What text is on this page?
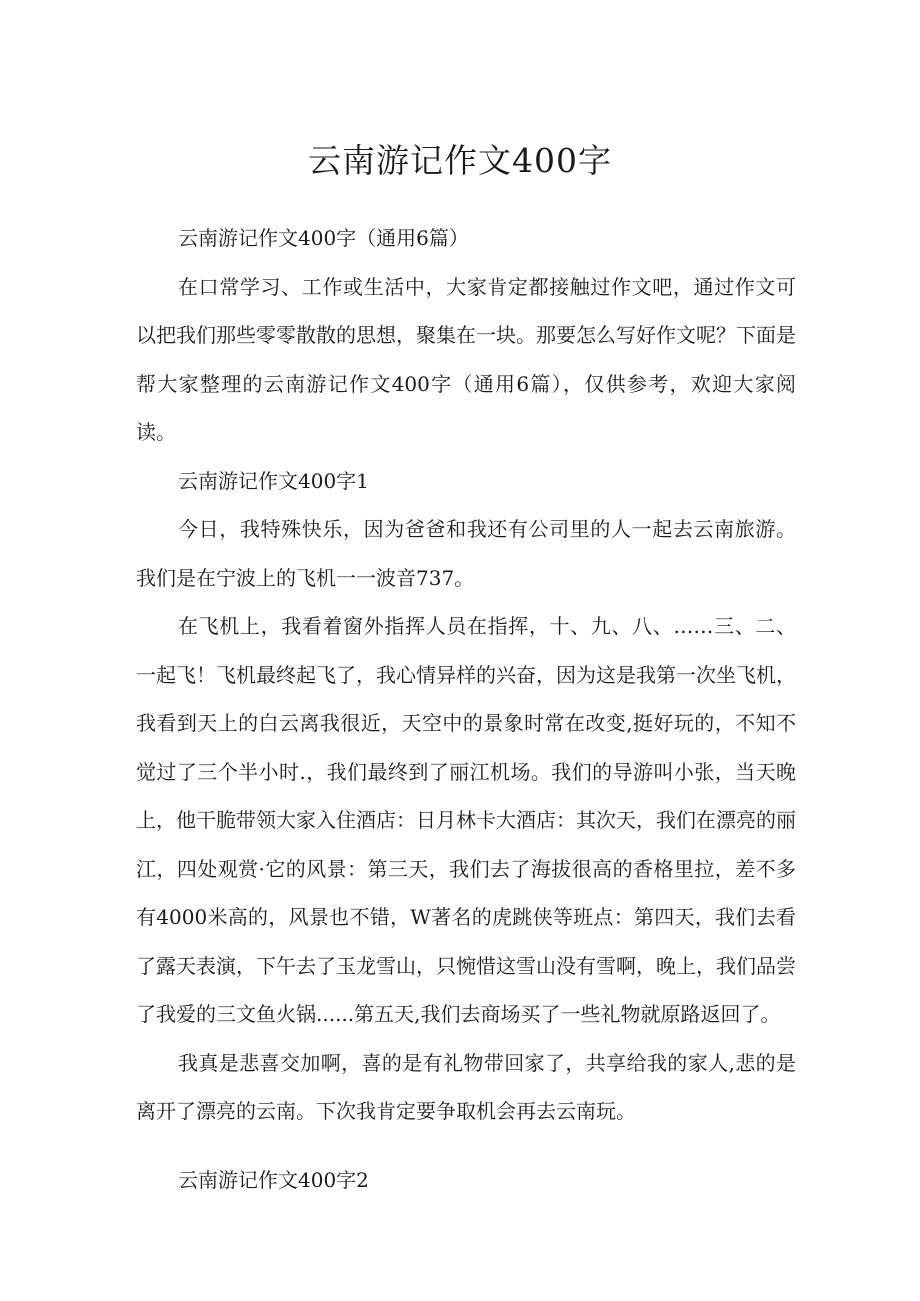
云南游记作文400字

云南游记作文400字（通用6篇）

在口常学习、工作或生活中，大家肯定都接触过作文吧，通过作文可以把我们那些零零散散的思想，聚集在一块。那要怎么写好作文呢？下面是帮大家整理的云南游记作文400字（通用6篇），仅供参考，欢迎大家阅读。

云南游记作文400字1

今日，我特殊快乐，因为爸爸和我还有公司里的人一起去云南旅游。我们是在宁波上的飞机一一波音737。

在飞机上，我看着窗外指挥人员在指挥，十、九、八、……三、二、一起飞！飞机最终起飞了，我心情异样的兴奋，因为这是我第一次坐飞机，我看到天上的白云离我很近，天空中的景象时常在改变,挺好玩的，不知不觉过了三个半小时.，我们最终到了丽江机场。我们的导游叫小张，当天晚上，他干脆带领大家入住酒店：日月林卡大酒店：其次天，我们在漂亮的丽江，四处观赏·它的风景：第三天，我们去了海拔很高的香格里拉，差不多有4000米高的，风景也不错，W著名的虎跳侠等班点：第四天，我们去看了露天表演，下午去了玉龙雪山，只惋惜这雪山没有雪啊，晚上，我们品尝了我爱的三文鱼火锅......第五天,我们去商场买了一些礼物就原路返回了。

我真是悲喜交加啊，喜的是有礼物带回家了，共享给我的家人,悲的是离开了漂亮的云南。下次我肯定要争取机会再去云南玩。

云南游记作文400字2
